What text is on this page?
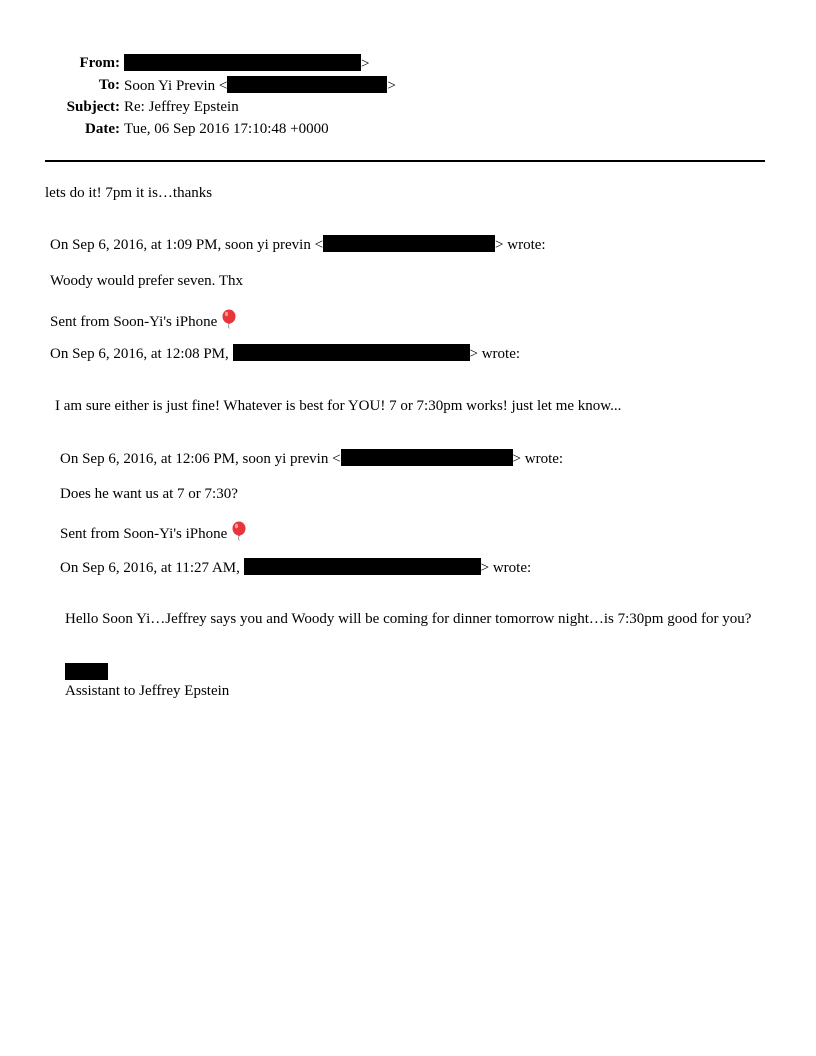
From:	>
To: Soon Yi Previn <	>
Subject: Re: Jeffrey Epstein
Date: Tue, 06 Sep 2016 17:10:48 +0000
lets do it! 7pm it is…thanks
On Sep 6, 2016, at 1:09 PM, soon yi previn <	> wrote:
Woody would prefer seven. Thx
Sent from Soon-Yi's iPhone
On Sep 6, 2016, at 12:08 PM,	> wrote:
I am sure either is just fine! Whatever is best for YOU! 7 or 7:30pm works! just let me know...
On Sep 6, 2016, at 12:06 PM, soon yi previn <	> wrote:
Does he want us at 7 or 7:30?
Sent from Soon-Yi's iPhone
On Sep 6, 2016, at 11:27 AM,	> wrote:
Hello Soon Yi…Jeffrey says you and Woody will be coming for dinner tomorrow night…is 7:30pm good for you?
Assistant to Jeffrey Epstein
